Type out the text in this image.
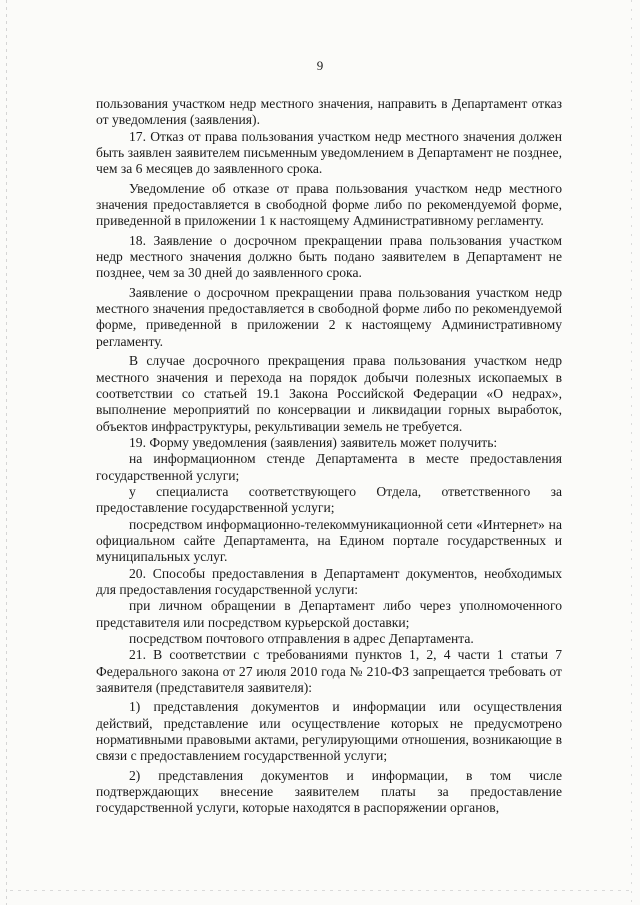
9

пользования участком недр местного значения, направить в Департамент отказ от уведомления (заявления).

17. Отказ от права пользования участком недр местного значения должен быть заявлен заявителем письменным уведомлением в Департамент не позднее, чем за 6 месяцев до заявленного срока.

Уведомление об отказе от права пользования участком недр местного значения предоставляется в свободной форме либо по рекомендуемой форме, приведенной в приложении 1 к настоящему Административному регламенту.

18. Заявление о досрочном прекращении права пользования участком недр местного значения должно быть подано заявителем в Департамент не позднее, чем за 30 дней до заявленного срока.

Заявление о досрочном прекращении права пользования участком недр местного значения предоставляется в свободной форме либо по рекомендуемой форме, приведенной в приложении 2 к настоящему Административному регламенту.

В случае досрочного прекращения права пользования участком недр местного значения и перехода на порядок добычи полезных ископаемых в соответствии со статьей 19.1 Закона Российской Федерации «О недрах», выполнение мероприятий по консервации и ликвидации горных выработок, объектов инфраструктуры, рекультивации земель не требуется.

19. Форму уведомления (заявления) заявитель может получить:

на информационном стенде Департамента в месте предоставления государственной услуги;

у специалиста соответствующего Отдела, ответственного за предоставление государственной услуги;

посредством информационно-телекоммуникационной сети «Интернет» на официальном сайте Департамента, на Едином портале государственных и муниципальных услуг.

20. Способы предоставления в Департамент документов, необходимых для предоставления государственной услуги:

при личном обращении в Департамент либо через уполномоченного представителя или посредством курьерской доставки;

посредством почтового отправления в адрес Департамента.

21. В соответствии с требованиями пунктов 1, 2, 4 части 1 статьи 7 Федерального закона от 27 июля 2010 года № 210-ФЗ запрещается требовать от заявителя (представителя заявителя):

1) представления документов и информации или осуществления действий, представление или осуществление которых не предусмотрено нормативными правовыми актами, регулирующими отношения, возникающие в связи с предоставлением государственной услуги;

2) представления документов и информации, в том числе подтверждающих внесение заявителем платы за предоставление государственной услуги, которые находятся в распоряжении органов,
